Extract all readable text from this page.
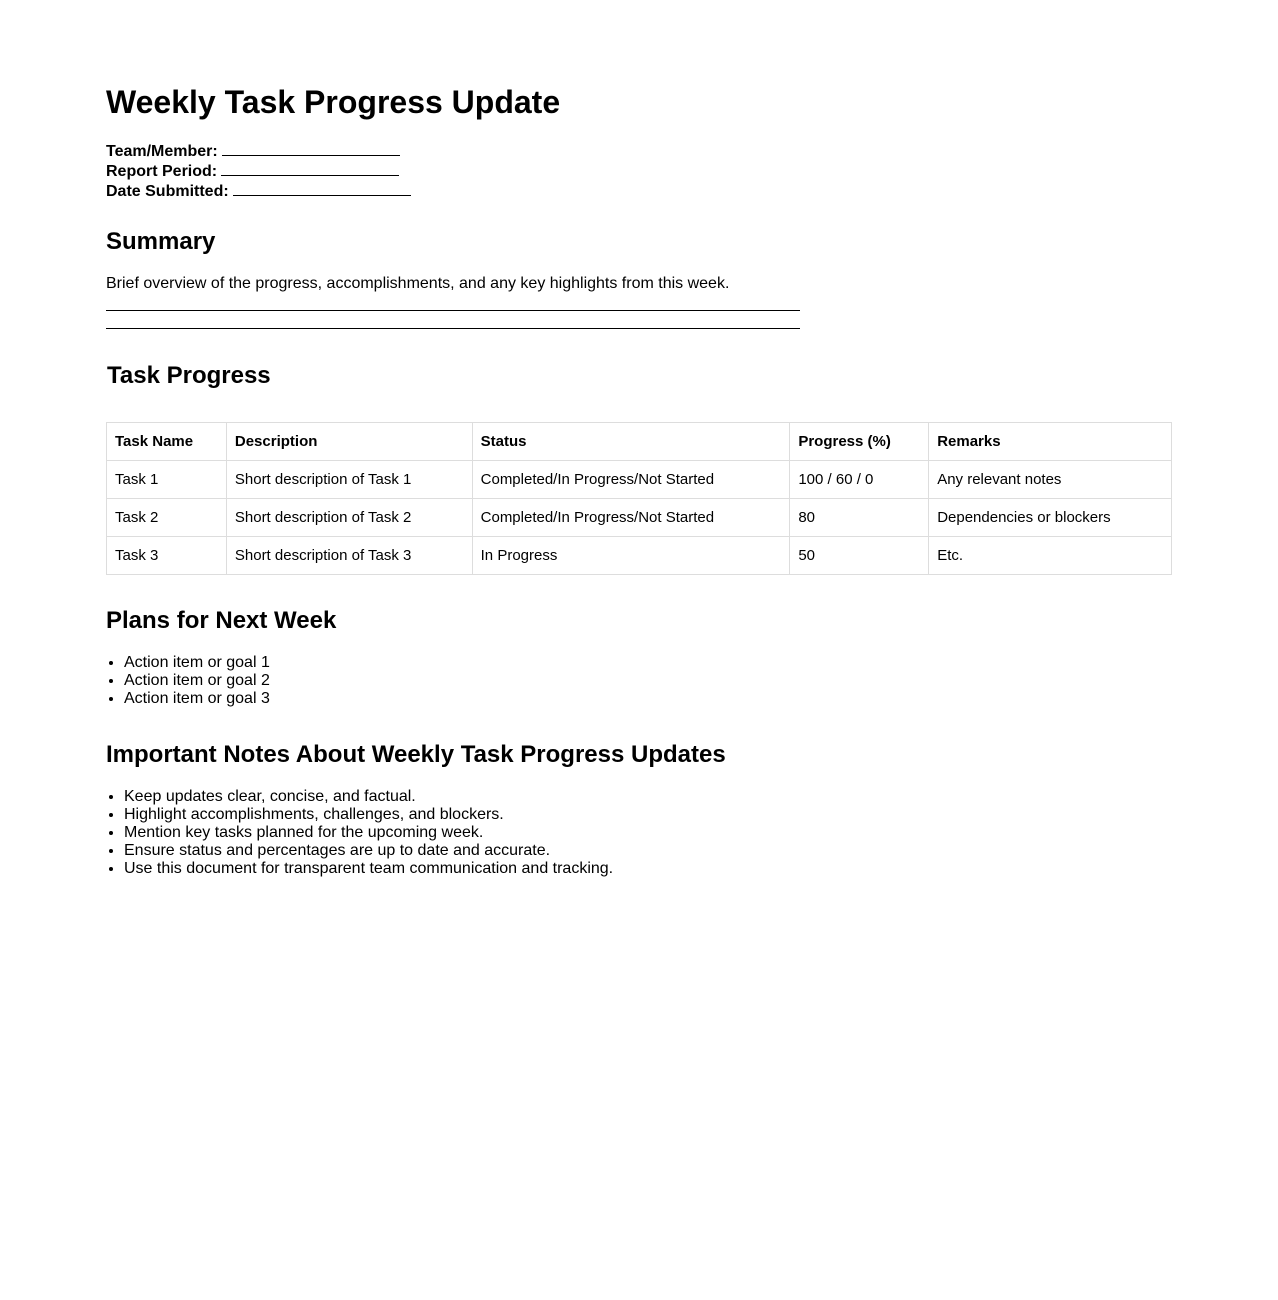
Weekly Task Progress Update
Team/Member:
Report Period:
Date Submitted:
Summary
Brief overview of the progress, accomplishments, and any key highlights from this week.
Task Progress
Task Name	Description	Status	Progress (%)	Remarks
Task 1	Short description of Task 1	Completed/In Progress/Not Started	100 / 60 / 0	Any relevant notes
Task 2	Short description of Task 2	Completed/In Progress/Not Started	80	Dependencies or blockers
Task 3	Short description of Task 3	In Progress	50	Etc.
Plans for Next Week
• Action item or goal 1
• Action item or goal 2
• Action item or goal 3
Important Notes About Weekly Task Progress Updates
• Keep updates clear, concise, and factual.
• Highlight accomplishments, challenges, and blockers.
• Mention key tasks planned for the upcoming week.
• Ensure status and percentages are up to date and accurate.
• Use this document for transparent team communication and tracking.
